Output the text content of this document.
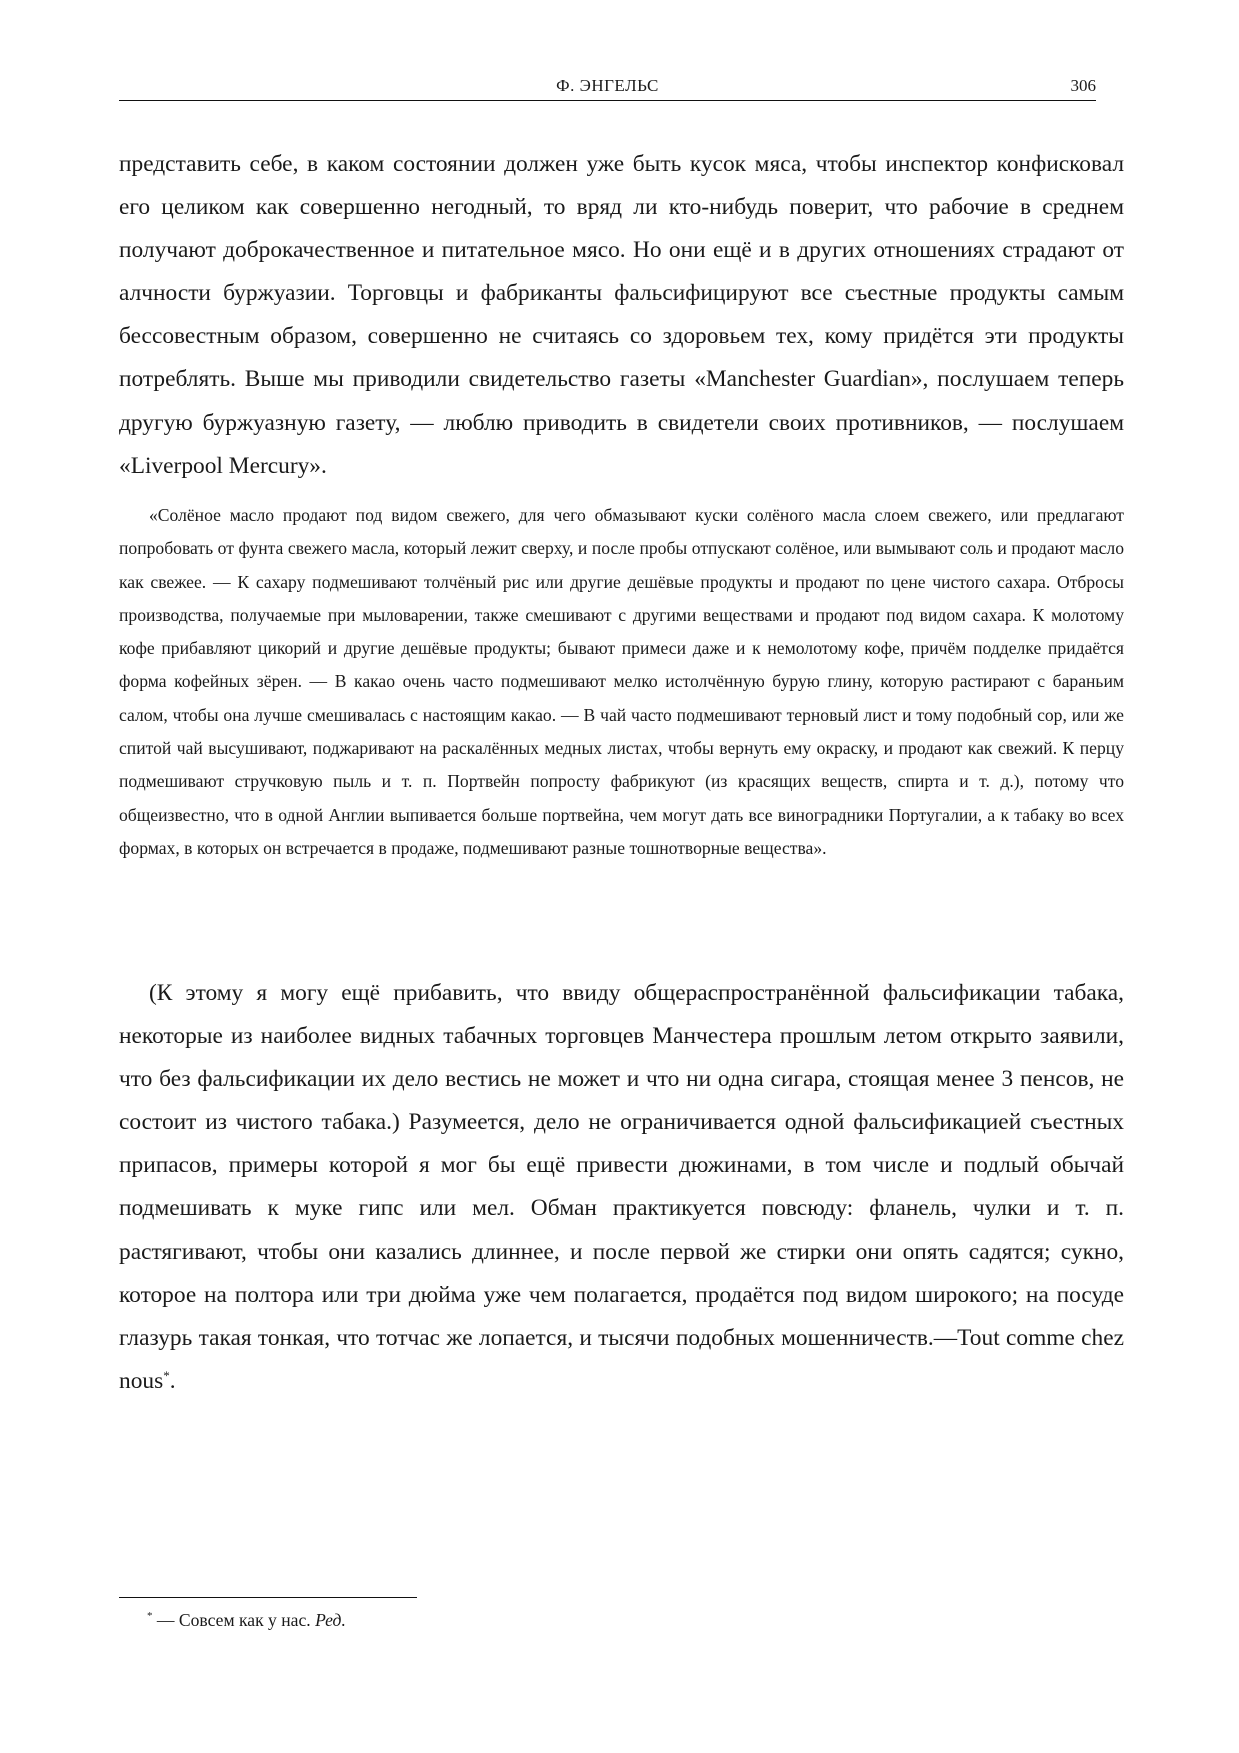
Ф. ЭНГЕЛЬС	306

представить себе, в каком состоянии должен уже быть кусок мяса, чтобы инспектор конфисковал его целиком как совершенно негодный, то вряд ли кто-нибудь поверит, что рабочие в среднем получают доброкачественное и питательное мясо. Но они ещё и в других отношениях страдают от алчности буржуазии. Торговцы и фабриканты фальсифицируют все съестные продукты самым бессовестным образом, совершенно не считаясь со здоровьем тех, кому придётся эти продукты потреблять. Выше мы приводили свидетельство газеты «Manchester Guardian», послушаем теперь другую буржуазную газету, — люблю приводить в свидетели своих противников, — послушаем «Liverpool Mercury».

«Солёное масло продают под видом свежего, для чего обмазывают куски солёного масла слоем свежего, или предлагают попробовать от фунта свежего масла, который лежит сверху, и после пробы отпускают солёное, или вымывают соль и продают масло как свежее. — К сахару подмешивают толчёный рис или другие дешёвые продукты и продают по цене чистого сахара. Отбросы производства, получаемые при мыловарении, также смешивают с другими веществами и продают под видом сахара. К молотому кофе прибавляют цикорий и другие дешёвые продукты; бывают примеси даже и к немолотому кофе, причём подделке придаётся форма кофейных зёрен. — В какао очень часто подмешивают мелко истолчённую бурую глину, которую растирают с бараньим салом, чтобы она лучше смешивалась с настоящим какао. — В чай часто подмешивают терновый лист и тому подобный сор, или же спитой чай высушивают, поджаривают на раскалённых медных листах, чтобы вернуть ему окраску, и продают как свежий. К перцу подмешивают стручковую пыль и т. п. Портвейн попросту фабрикуют (из красящих веществ, спирта и т. д.), потому что общеизвестно, что в одной Англии выпивается больше портвейна, чем могут дать все виноградники Португалии, а к табаку во всех формах, в которых он встречается в продаже, подмешивают разные тошнотворные вещества».

(К этому я могу ещё прибавить, что ввиду общераспространённой фальсификации табака, некоторые из наиболее видных табачных торговцев Манчестера прошлым летом открыто заявили, что без фальсификации их дело вестись не может и что ни одна сигара, стоящая менее 3 пенсов, не состоит из чистого табака.) Разумеется, дело не ограничивается одной фальсификацией съестных припасов, примеры которой я мог бы ещё привести дюжинами, в том числе и подлый обычай подмешивать к муке гипс или мел. Обман практикуется повсюду: фланель, чулки и т. п. растягивают, чтобы они казались длиннее, и после первой же стирки они опять садятся; сукно, которое на полтора или три дюйма уже чем полагается, продаётся под видом широкого; на посуде глазурь такая тонкая, что тотчас же лопается, и тысячи подобных мошенничеств.—Tout comme chez nous*.

* — Совсем как у нас. Ред.
